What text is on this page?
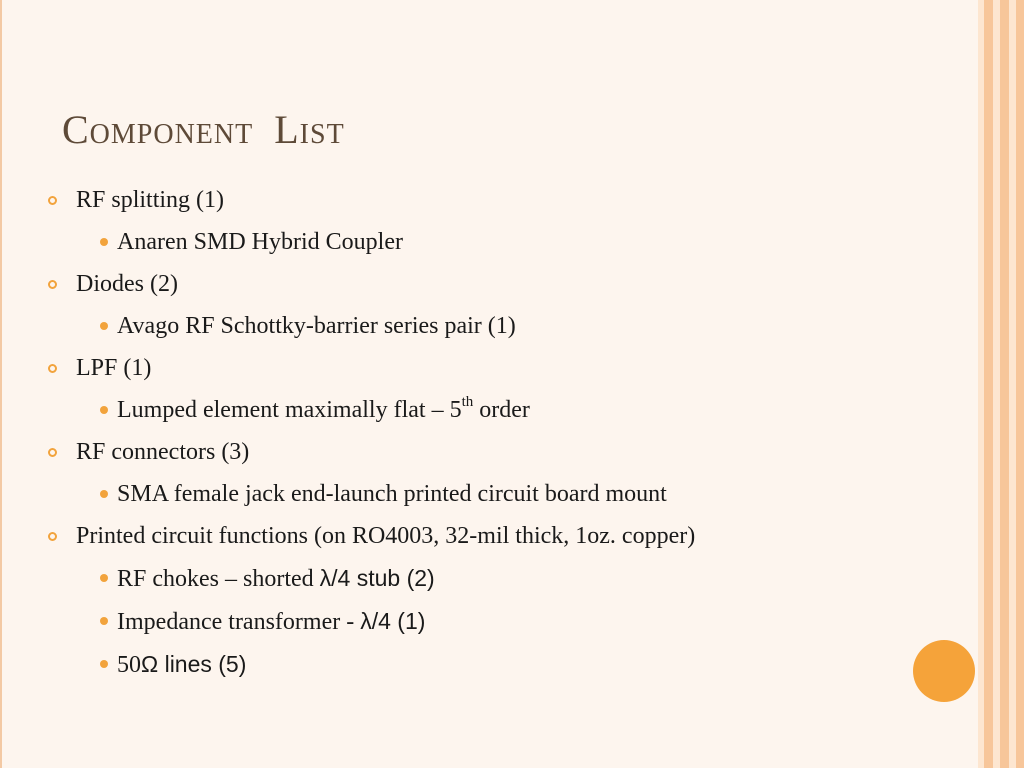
Component List
RF splitting (1)
Anaren SMD Hybrid Coupler
Diodes (2)
Avago RF Schottky-barrier series pair (1)
LPF (1)
Lumped element maximally flat – 5th order
RF connectors (3)
SMA female jack end-launch printed circuit board mount
Printed circuit functions (on RO4003, 32-mil thick, 1oz. copper)
RF chokes – shorted λ/4 stub (2)
Impedance transformer - λ/4 (1)
50Ω lines (5)
